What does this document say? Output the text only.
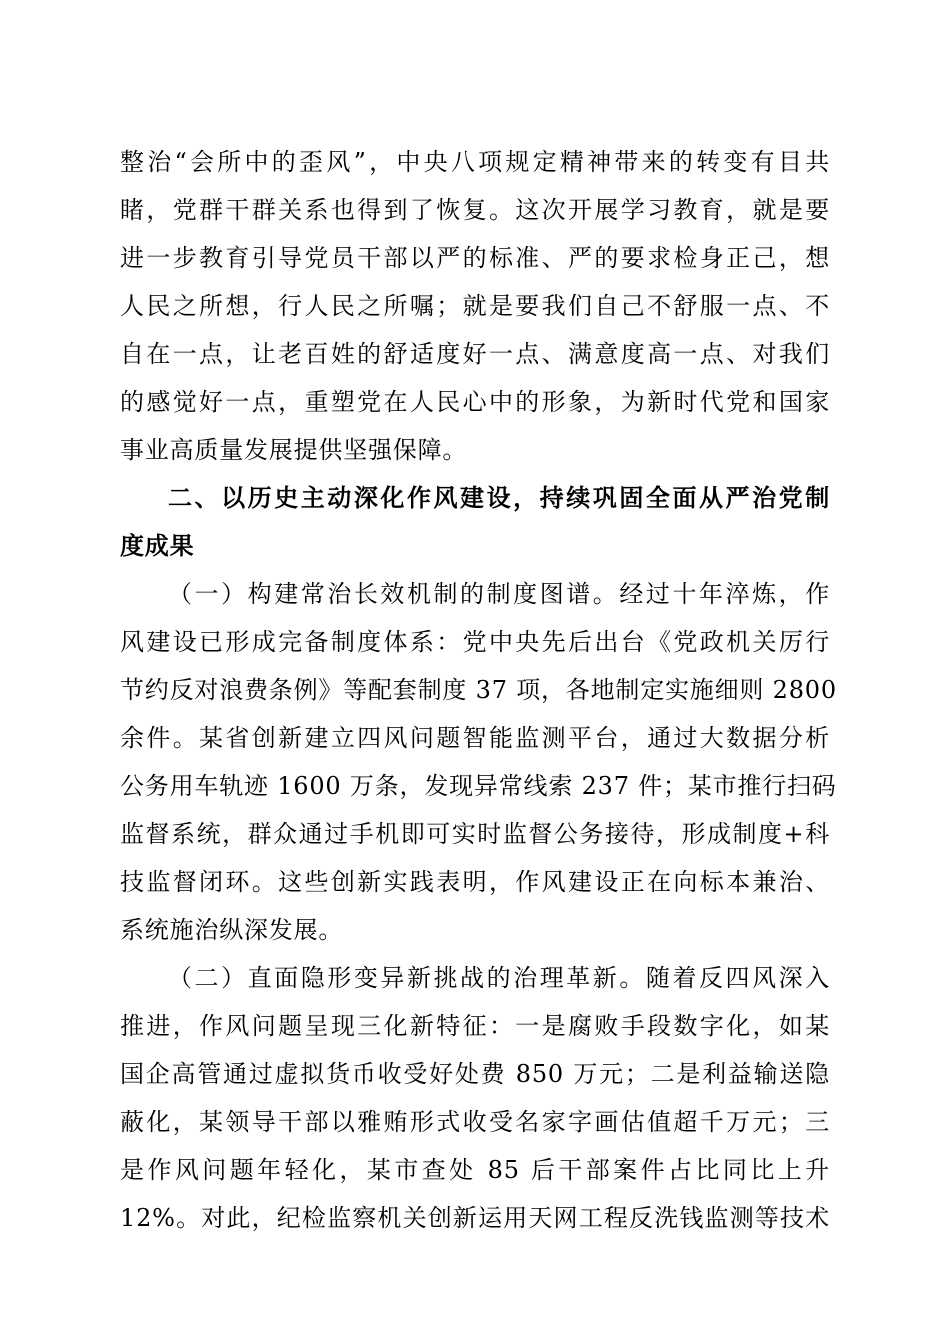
整治“会所中的歪风”，中央八项规定精神带来的转变有目共
睹，党群干群关系也得到了恢复。这次开展学习教育，就是要
进一步教育引导党员干部以严的标准、严的要求检身正己，想
人民之所想，行人民之所嘱；就是要我们自己不舒服一点、不
自在一点，让老百姓的舒适度好一点、满意度高一点、对我们
的感觉好一点，重塑党在人民心中的形象，为新时代党和国家
事业高质量发展提供坚强保障。
二、以历史主动深化作风建设，持续巩固全面从严治党制
度成果
（一）构建常治长效机制的制度图谱。经过十年淬炼，作
风建设已形成完备制度体系：党中央先后出台《党政机关厉行
节约反对浪费条例》等配套制度 37 项，各地制定实施细则 2800
余件。某省创新建立四风问题智能监测平台，通过大数据分析
公务用车轨迹 1600 万条，发现异常线索 237 件；某市推行扫码
监督系统，群众通过手机即可实时监督公务接待，形成制度+科
技监督闭环。这些创新实践表明，作风建设正在向标本兼治、
系统施治纵深发展。
（二）直面隐形变异新挑战的治理革新。随着反四风深入
推进，作风问题呈现三化新特征：一是腐败手段数字化，如某
国企高管通过虚拟货币收受好处费 850 万元；二是利益输送隐
蔽化，某领导干部以雅贿形式收受名家字画估值超千万元；三
是作风问题年轻化，某市查处 85 后干部案件占比同比上升
12%。对此，纪检监察机关创新运用天网工程反洗钱监测等技术
